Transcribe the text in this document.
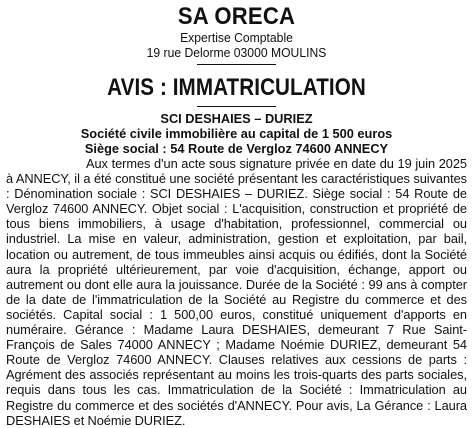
SA ORECA
Expertise Comptable
19 rue Delorme 03000 MOULINS
AVIS : IMMATRICULATION
SCI DESHAIES – DURIEZ
Société civile immobilière au capital de 1 500 euros
Siège social : 54 Route de Vergloz 74600 ANNECY

Aux termes d'un acte sous signature privée en date du 19 juin 2025 à ANNECY, il a été constitué une société présentant les caractéristiques suivantes : Dénomination sociale : SCI DESHAIES – DURIEZ. Siège social : 54 Route de Vergloz 74600 ANNECY. Objet social : L'acquisition, construction et propriété de tous biens immobiliers, à usage d'habitation, professionnel, commercial ou industriel. La mise en valeur, administration, gestion et exploitation, par bail, location ou autrement, de tous immeubles ainsi acquis ou édifiés, dont la Société aura la propriété ultérieurement, par voie d'acquisition, échange, apport ou autrement ou dont elle aura la jouissance. Durée de la Société : 99 ans à compter de la date de l'immatriculation de la Société au Registre du commerce et des sociétés. Capital social : 1 500,00 euros, constitué uniquement d'apports en numéraire. Gérance : Madame Laura DESHAIES, demeurant 7 Rue Saint-François de Sales 74000 ANNECY ; Madame Noémie DURIEZ, demeurant 54 Route de Vergloz 74600 ANNECY. Clauses relatives aux cessions de parts : Agrément des associés représentant au moins les trois-quarts des parts sociales, requis dans tous les cas. Immatriculation de la Société : Immatriculation au Registre du commerce et des sociétés d'ANNECY. Pour avis, La Gérance : Laura DESHAIES et Noémie DURIEZ.
